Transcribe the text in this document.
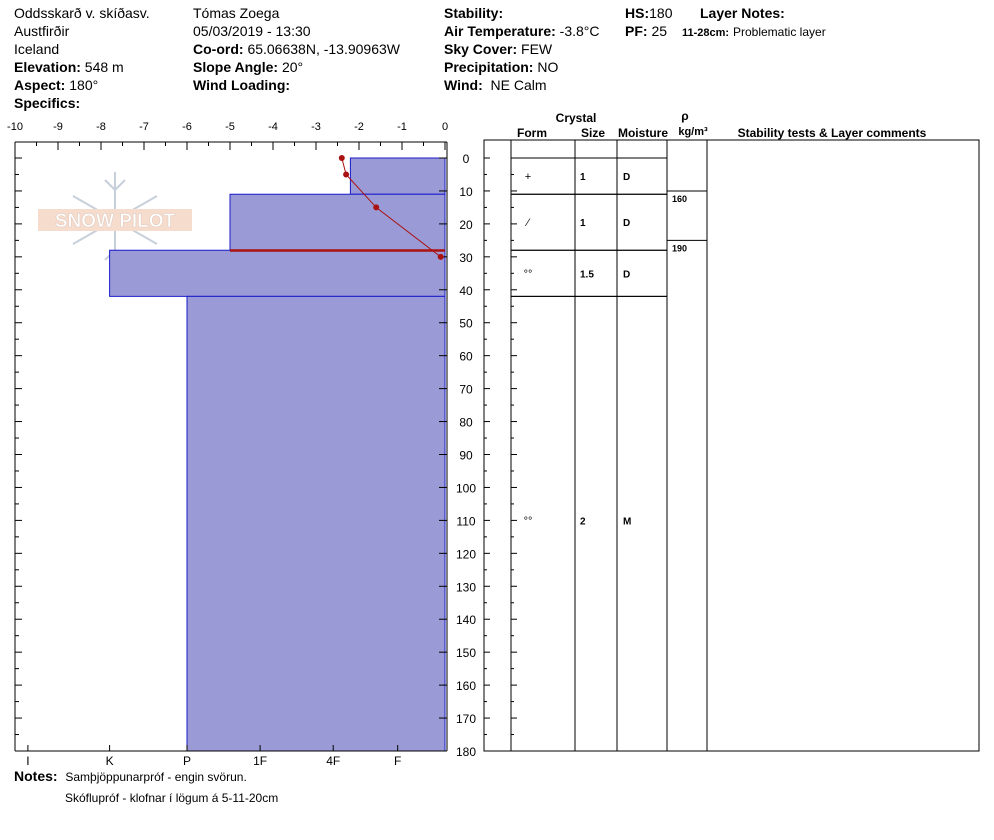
Oddsskarð v. skíðasv.
Austfirðir
Iceland
Elevation: 548 m
Aspect: 180°
Specifics:
Tómas Zoega
05/03/2019 - 13:30
Co-ord: 65.06638N, -13.90963W
Slope Angle: 20°
Wind Loading:
Stability:
Air Temperature: -3.8°C
Sky Cover: FEW
Precipitation: NO
Wind: NE Calm
HS:180
PF: 25
Layer Notes:
11-28cm: Problematic layer
SNOW PILOT
-10	-9	-8	-7	-6	-5	-4	-3	-2	-1	0
0
10
20
30
40
50
60
70
80
90
100
110
120
130
140
150
160
170
180
I	K	P	1F	4F	F
Crystal
Form	Size Moisture
ρ
kg/m³ Stability tests & Layer comments
+	1	D
⁄	1	D
°°	1.5	D
°°	2	M
160
190
Notes: Samþjöppunarpróf - engin svörun.
Skóflupróf - klofnar í lögum á 5-11-20cm
